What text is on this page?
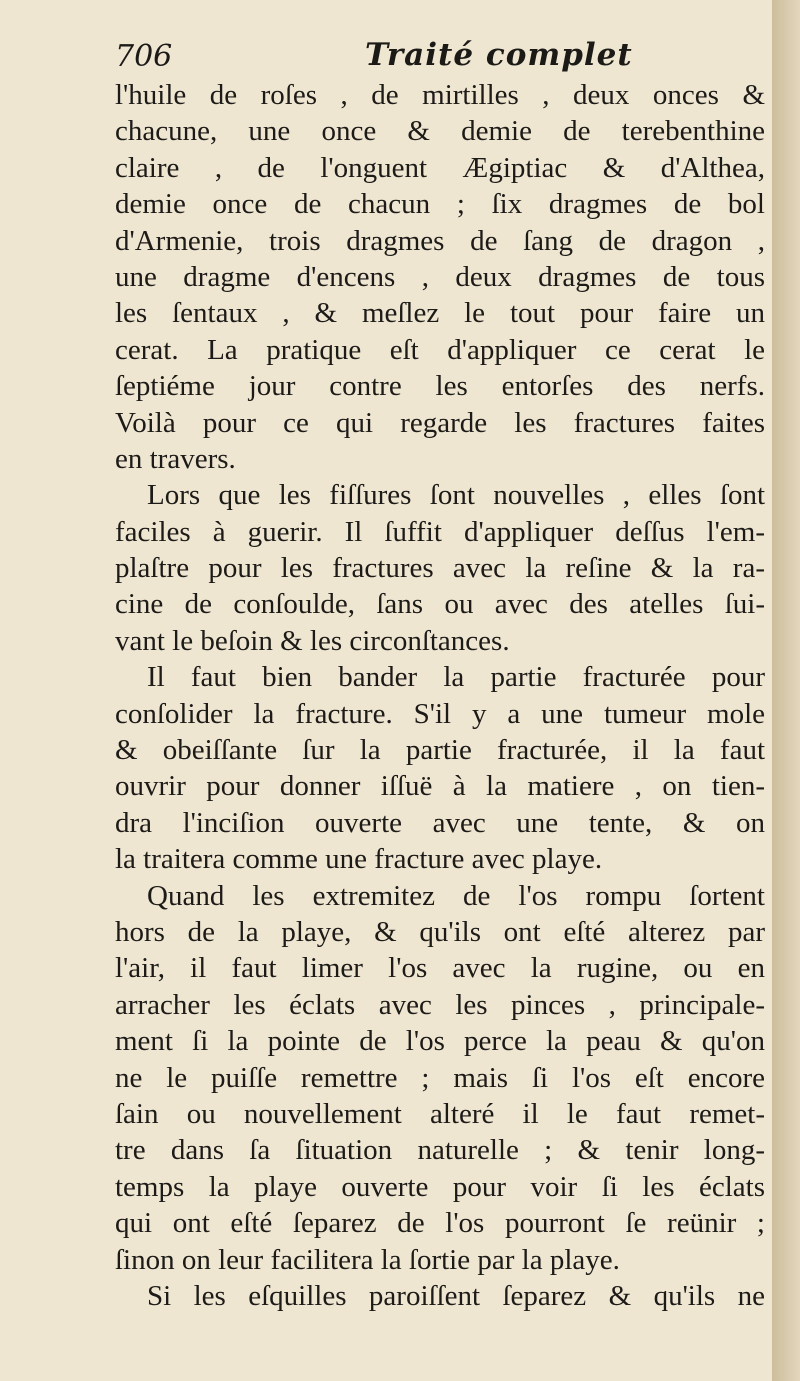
706	Traité complet
l'huile de roſes , de mirtilles , deux onces &
chacune, une once & demie de terebenthine
claire , de l'onguent Ægiptiac & d'Althea,
demie once de chacun ; ſix dragmes de bol
d'Armenie, trois dragmes de ſang de dragon ,
une dragme d'encens , deux dragmes de tous
les ſentaux , & meſlez le tout pour faire un
cerat. La pratique eſt d'appliquer ce cerat le
ſeptiéme jour contre les entorſes des nerfs.
Voilà pour ce qui regarde les fractures faites
en travers.
Lors que les fiſſures ſont nouvelles , elles ſont
faciles à guerir. Il ſuffit d'appliquer deſſus l'em-
plaſtre pour les fractures avec la reſine & la ra-
cine de conſoulde, ſans ou avec des atelles ſui-
vant le beſoin & les circonſtances.
Il faut bien bander la partie fracturée pour
conſolider la fracture. S'il y a une tumeur mole
& obeiſſante ſur la partie fracturée, il la faut
ouvrir pour donner iſſuë à la matiere , on tien-
dra l'inciſion ouverte avec une tente, & on
la traitera comme une fracture avec playe.
Quand les extremitez de l'os rompu ſortent
hors de la playe, & qu'ils ont eſté alterez par
l'air, il faut limer l'os avec la rugine, ou en
arracher les éclats avec les pinces , principale-
ment ſi la pointe de l'os perce la peau & qu'on
ne le puiſſe remettre ; mais ſi l'os eſt encore
ſain ou nouvellement alteré il le faut remet-
tre dans ſa ſituation naturelle ; & tenir long-
temps la playe ouverte pour voir ſi les éclats
qui ont eſté ſeparez de l'os pourront ſe reünir ;
ſinon on leur facilitera la ſortie par la playe.
Si les eſquilles paroiſſent ſeparez & qu'ils ne
